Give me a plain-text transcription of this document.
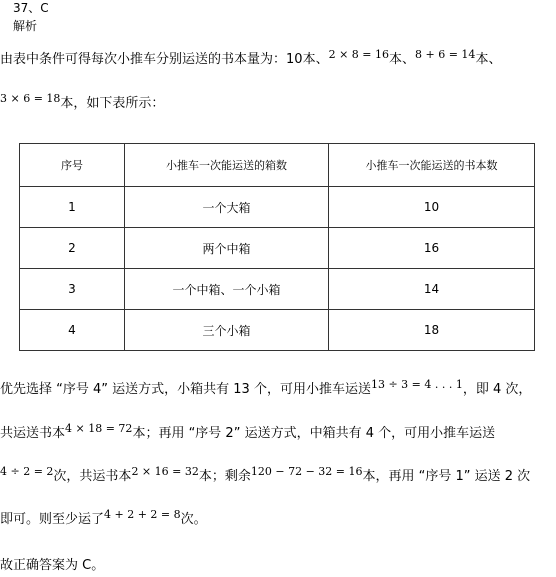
37、C
解析
由表中条件可得每次小推车分别运送的书本量为：10本、$^{2 \times 8 = 16}$本、$^{8 + 6 = 14}$本、
$^{3 \times 6 = 18}$本，如下表所示：
序号	小推车一次能运送的箱数	小推车一次能运送的书本数
1	一个大箱	10
2	两个中箱	16
3	一个中箱、一个小箱	14
4	三个小箱	18
优先选择 “序号 4” 运送方式，小箱共有 13 个，可用小推车运送$^{13 \div 3 = 4 . . . 1}$，即 4 次，
共运送书本$^{4 \times 18 = 72}$本；再用 “序号 2” 运送方式，中箱共有 4 个，可用小推车运送
$^{4 \div 2 = 2}$次，共运书本$^{2 \times 16 = 32}$本；剩余$^{120 - 72 - 32 = 16}$本，再用 “序号 1” 运送 2 次
即可。则至少运了$^{4 + 2 + 2 = 8}$次。
故正确答案为 C。
